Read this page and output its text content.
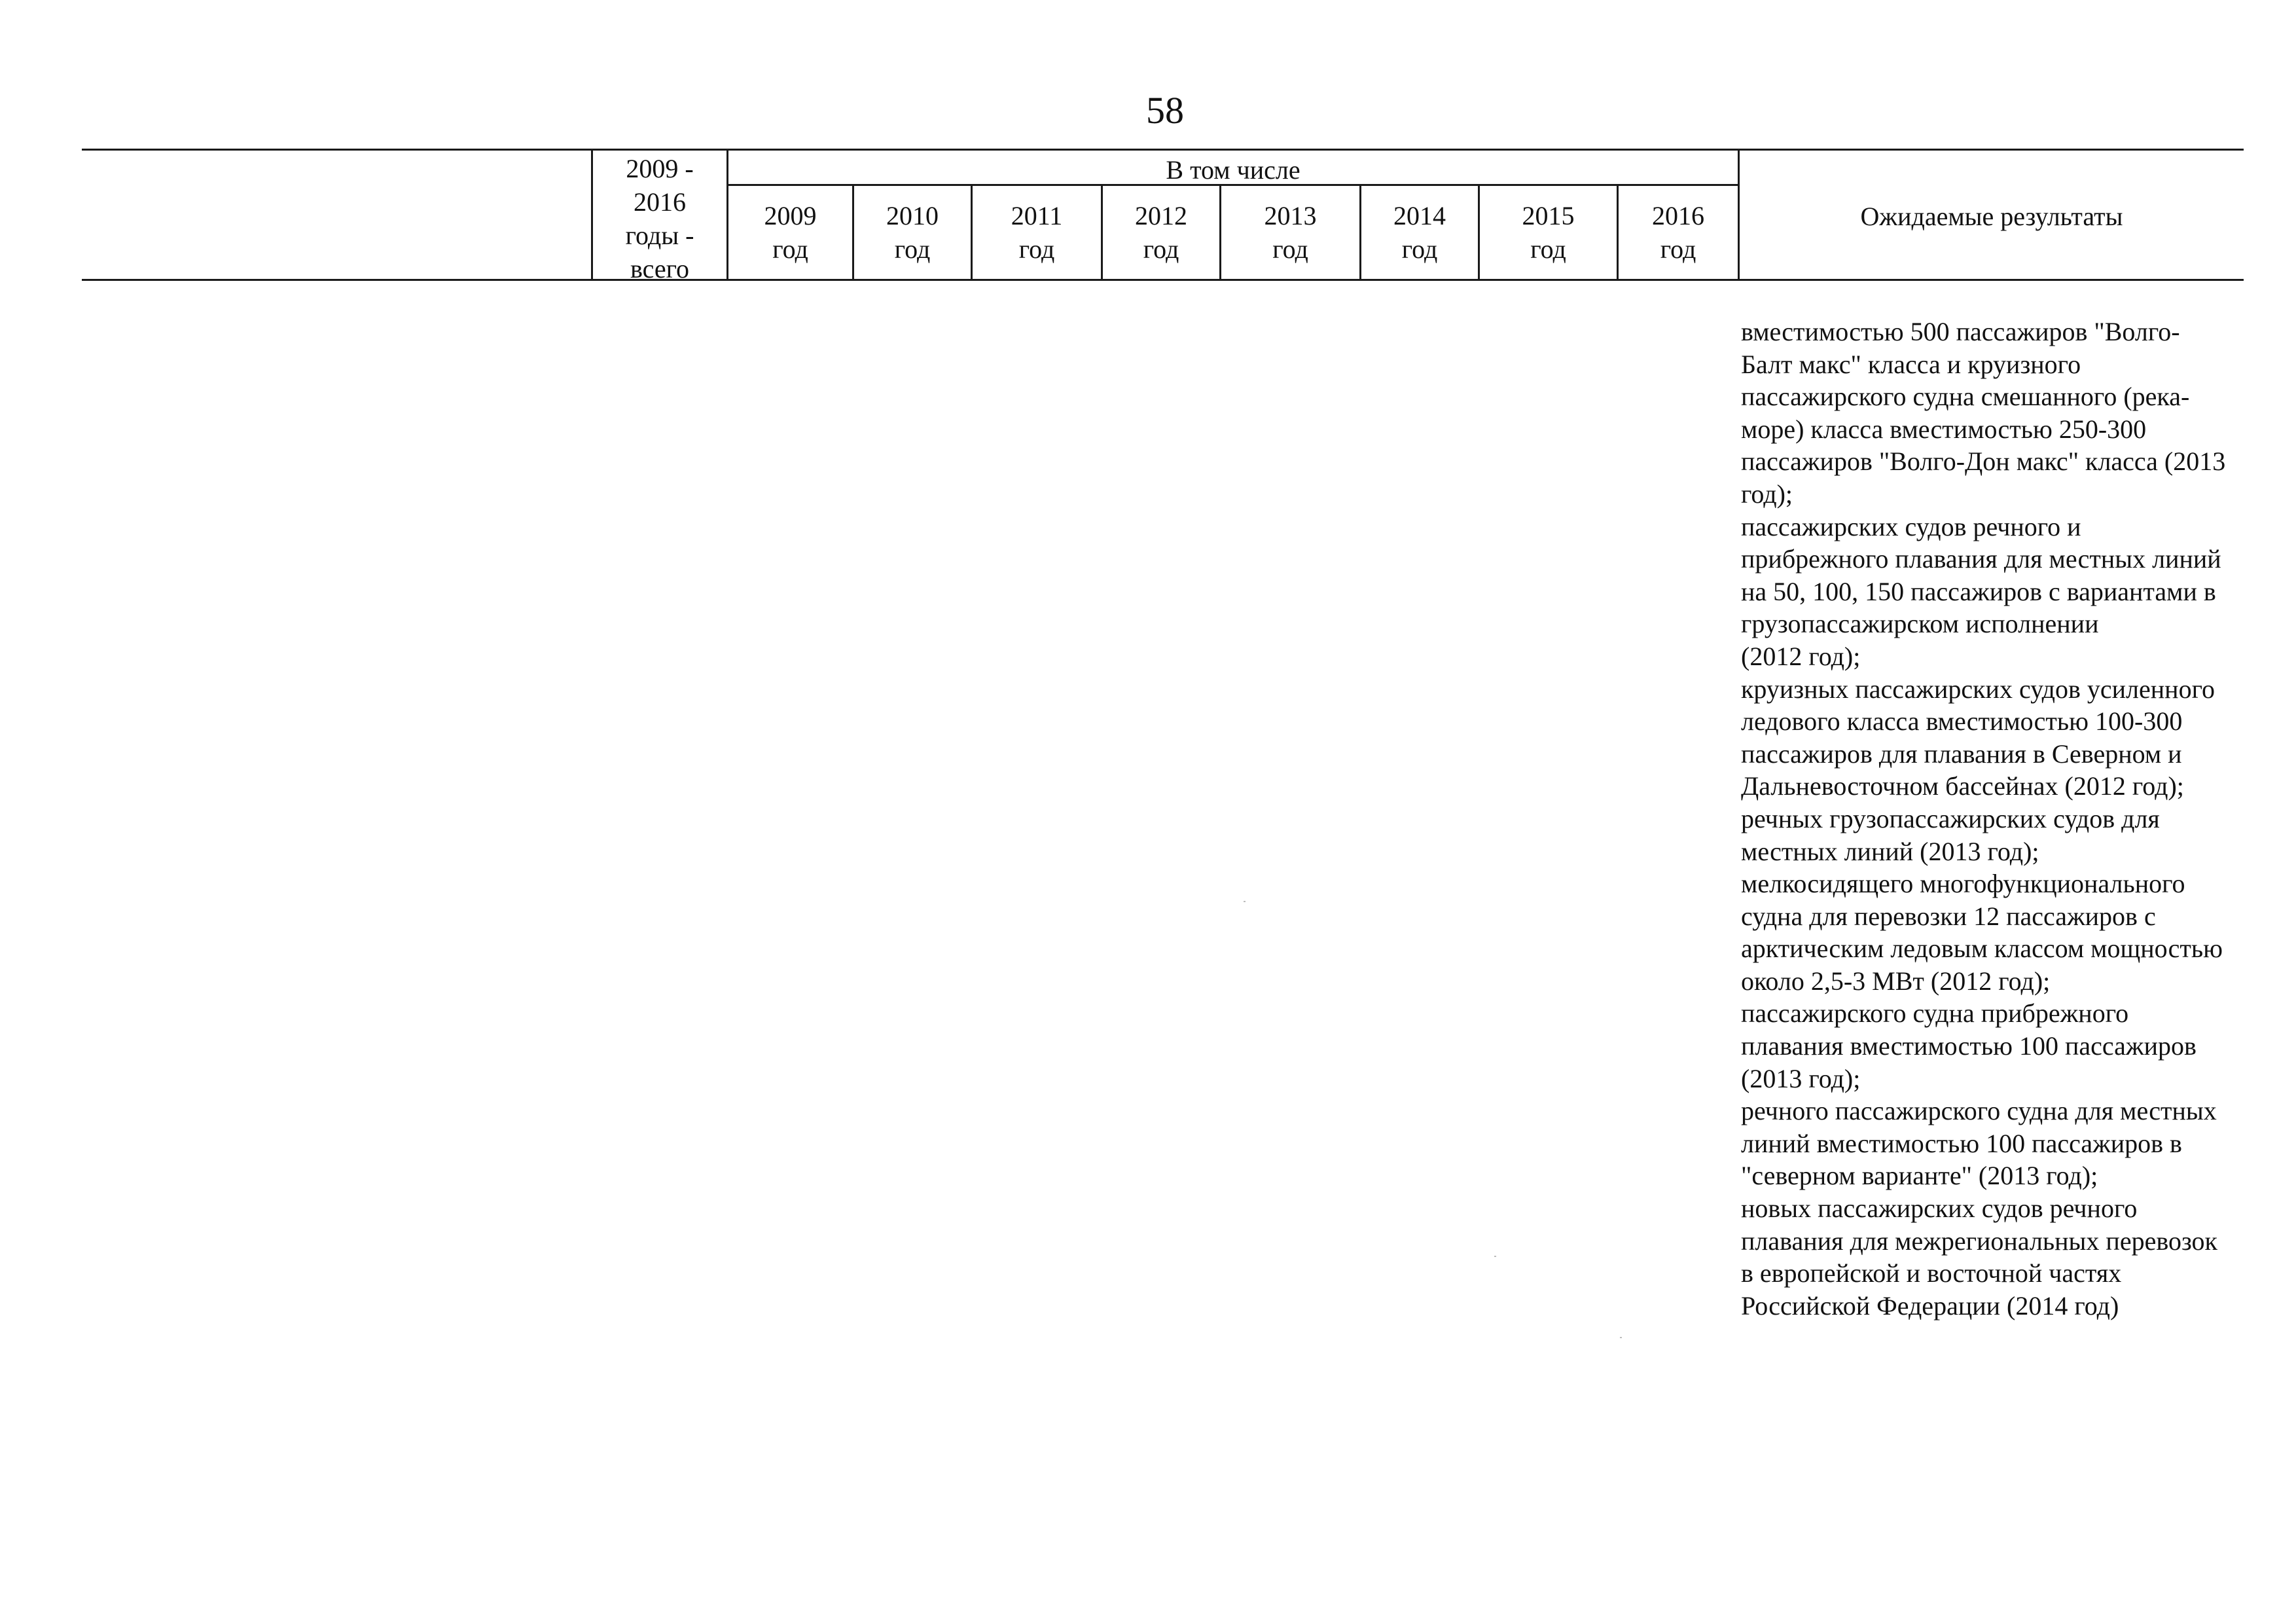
58
2009 -
2016
годы -
всего
В том числе
2009
год
2010
год
2011
год
2012
год
2013
год
2014
год
2015
год
2016
год
Ожидаемые результаты
вместимостью 500 пассажиров "Волго-
Балт макс" класса и круизного
пассажирского судна смешанного (река-
море) класса вместимостью 250-300
пассажиров "Волго-Дон макс" класса (2013
год);
пассажирских судов речного и
прибрежного плавания для местных линий
на 50, 100, 150 пассажиров с вариантами в
грузопассажирском исполнении
(2012 год);
круизных пассажирских судов усиленного
ледового класса вместимостью 100-300
пассажиров для плавания в Северном и
Дальневосточном бассейнах (2012 год);
речных грузопассажирских судов для
местных линий (2013 год);
мелкосидящего многофункционального
судна для перевозки 12 пассажиров с
арктическим ледовым классом мощностью
около 2,5-3 МВт (2012 год);
пассажирского судна прибрежного
плавания вместимостью 100 пассажиров
(2013 год);
речного пассажирского судна для местных
линий вместимостью 100 пассажиров в
"северном варианте" (2013 год);
новых пассажирских судов речного
плавания для межрегиональных перевозок
в европейской и восточной частях
Российской Федерации (2014 год)
